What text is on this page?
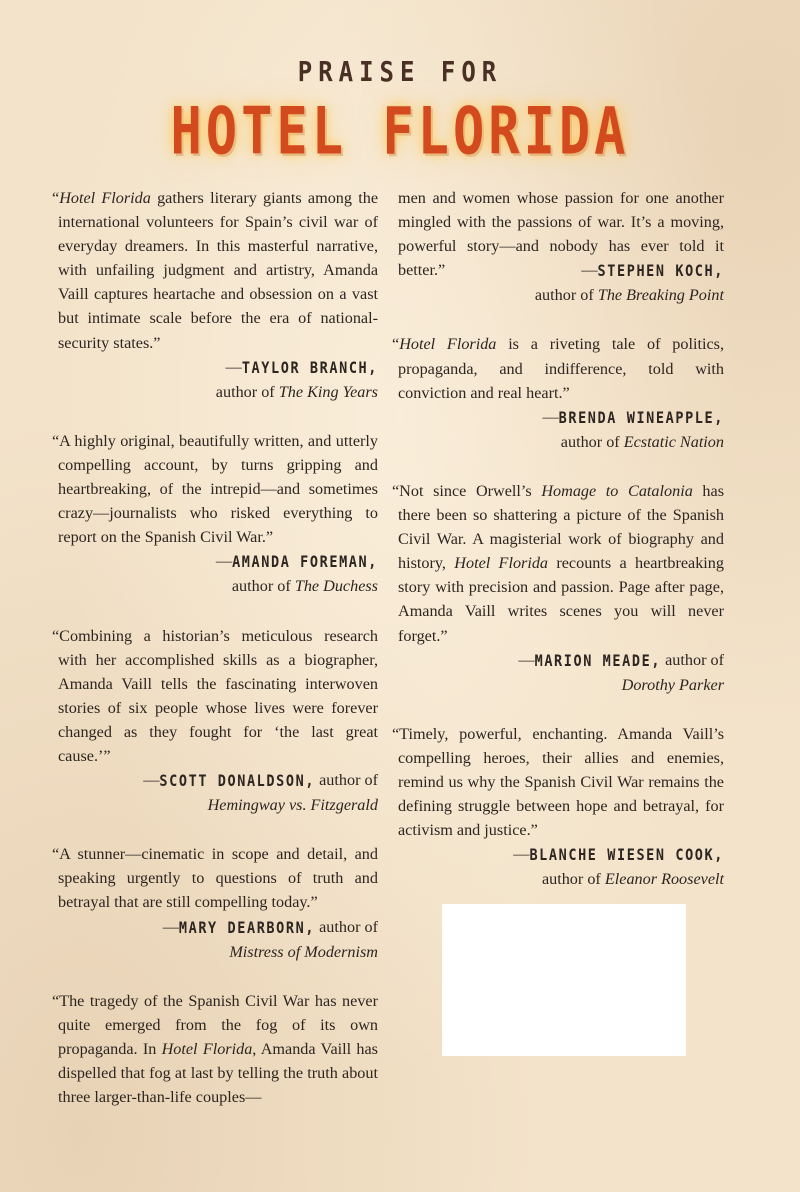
PRAISE FOR
HOTEL FLORIDA

“Hotel Florida gathers literary giants among the international volunteers for Spain’s civil war of everyday dreamers. In this masterful narrative, with unfailing judgment and artistry, Amanda Vaill captures heartache and obsession on a vast but intimate scale before the era of national-security states.”

—TAYLOR BRANCH,

author of The King Years

“A highly original, beautifully written, and utterly compelling account, by turns gripping and heartbreaking, of the intrepid—and sometimes crazy—journalists who risked everything to report on the Spanish Civil War.”

—AMANDA FOREMAN,

author of The Duchess

“Combining a historian’s meticulous research with her accomplished skills as a biographer, Amanda Vaill tells the fascinating interwoven stories of six people whose lives were forever changed as they fought for ‘the last great cause.’”

—SCOTT DONALDSON, author of

Hemingway vs. Fitzgerald

“A stunner—cinematic in scope and detail, and speaking urgently to questions of truth and betrayal that are still compelling today.”

—MARY DEARBORN, author of

Mistress of Modernism

“The tragedy of the Spanish Civil War has never quite emerged from the fog of its own propaganda. In Hotel Florida, Amanda Vaill has dispelled that fog at last by telling the truth about three larger-than-life couples—

men and women whose passion for one another mingled with the passions of war. It’s a moving, powerful story—and nobody has ever told it better.”	—STEPHEN KOCH,

author of The Breaking Point

“Hotel Florida is a riveting tale of politics, propaganda, and indifference, told with conviction and real heart.”

—BRENDA WINEAPPLE,

author of Ecstatic Nation

“Not since Orwell’s Homage to Catalonia has there been so shattering a picture of the Spanish Civil War. A magisterial work of biography and history, Hotel Florida recounts a heartbreaking story with precision and passion. Page after page, Amanda Vaill writes scenes you will never forget.”

—MARION MEADE, author of

Dorothy Parker

“Timely, powerful, enchanting. Amanda Vaill’s compelling heroes, their allies and enemies, remind us why the Spanish Civil War remains the defining struggle between hope and betrayal, for activism and justice.”

—BLANCHE WIESEN COOK,

author of Eleanor Roosevelt
